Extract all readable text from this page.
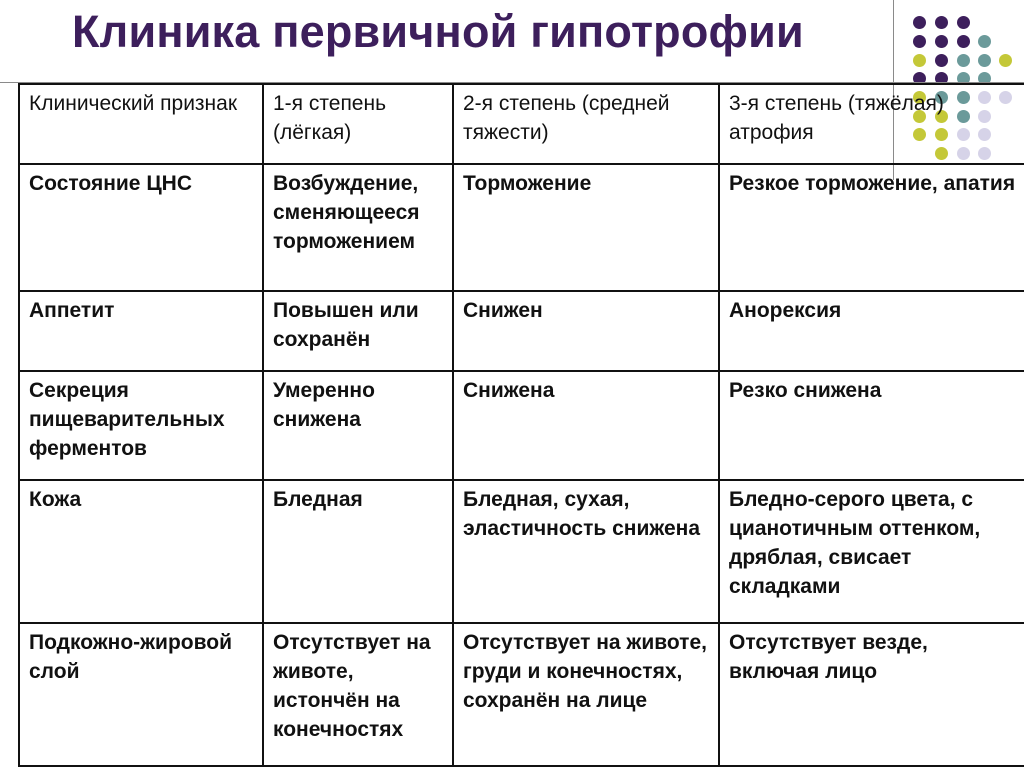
Клиника первичной гипотрофии
Клинический признак	1-я степень (лёгкая)	2-я степень (средней тяжести)	3-я степень (тяжёлая) атрофия
Состояние ЦНС	Возбуждение, сменяющееся торможением	Торможение	Резкое торможение, апатия
Аппетит	Повышен или сохранён	Снижен	Анорексия
Секреция пищеварительных ферментов	Умеренно снижена	Снижена	Резко снижена
Кожа	Бледная	Бледная, сухая, эластичность снижена	Бледно-серого цвета, с цианотичным оттенком, дряблая, свисает складками
Подкожно-жировой слой	Отсутствует на животе, истончён на конечностях	Отсутствует на животе, груди и конечностях, сохранён на лице	Отсутствует везде, включая лицо
